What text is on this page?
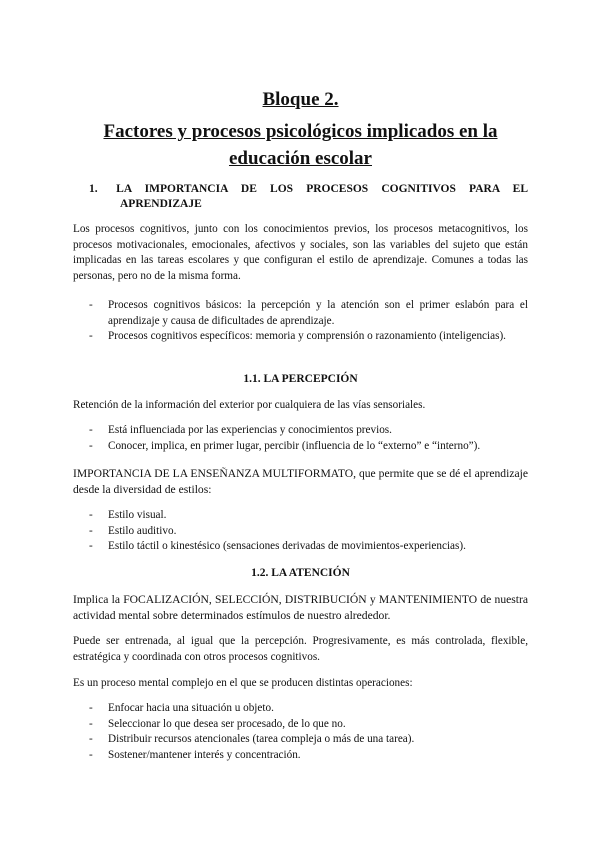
Bloque 2.
Factores y procesos psicológicos implicados en la
educación escolar
1. LA IMPORTANCIA DE LOS PROCESOS COGNITIVOS PARA EL
APRENDIZAJE
Los procesos cognitivos, junto con los conocimientos previos, los procesos metacognitivos, los procesos motivacionales, emocionales, afectivos y sociales, son las variables del sujeto que están implicadas en las tareas escolares y que configuran el estilo de aprendizaje. Comunes a todas las personas, pero no de la misma forma.
- Procesos cognitivos básicos: la percepción y la atención son el primer eslabón para el aprendizaje y causa de dificultades de aprendizaje.
- Procesos cognitivos específicos: memoria y comprensión o razonamiento (inteligencias).
1.1. LA PERCEPCIÓN
Retención de la información del exterior por cualquiera de las vías sensoriales.
- Está influenciada por las experiencias y conocimientos previos.
- Conocer, implica, en primer lugar, percibir (influencia de lo “externo” e “interno”).
IMPORTANCIA DE LA ENSEÑANZA MULTIFORMATO, que permite que se dé el aprendizaje desde la diversidad de estilos:
- Estilo visual.
- Estilo auditivo.
- Estilo táctil o kinestésico (sensaciones derivadas de movimientos-experiencias).
1.2. LA ATENCIÓN
Implica la FOCALIZACIÓN, SELECCIÓN, DISTRIBUCIÓN y MANTENIMIENTO de nuestra actividad mental sobre determinados estímulos de nuestro alrededor.
Puede ser entrenada, al igual que la percepción. Progresivamente, es más controlada, flexible, estratégica y coordinada con otros procesos cognitivos.
Es un proceso mental complejo en el que se producen distintas operaciones:
- Enfocar hacia una situación u objeto.
- Seleccionar lo que desea ser procesado, de lo que no.
- Distribuir recursos atencionales (tarea compleja o más de una tarea).
- Sostener/mantener interés y concentración.
